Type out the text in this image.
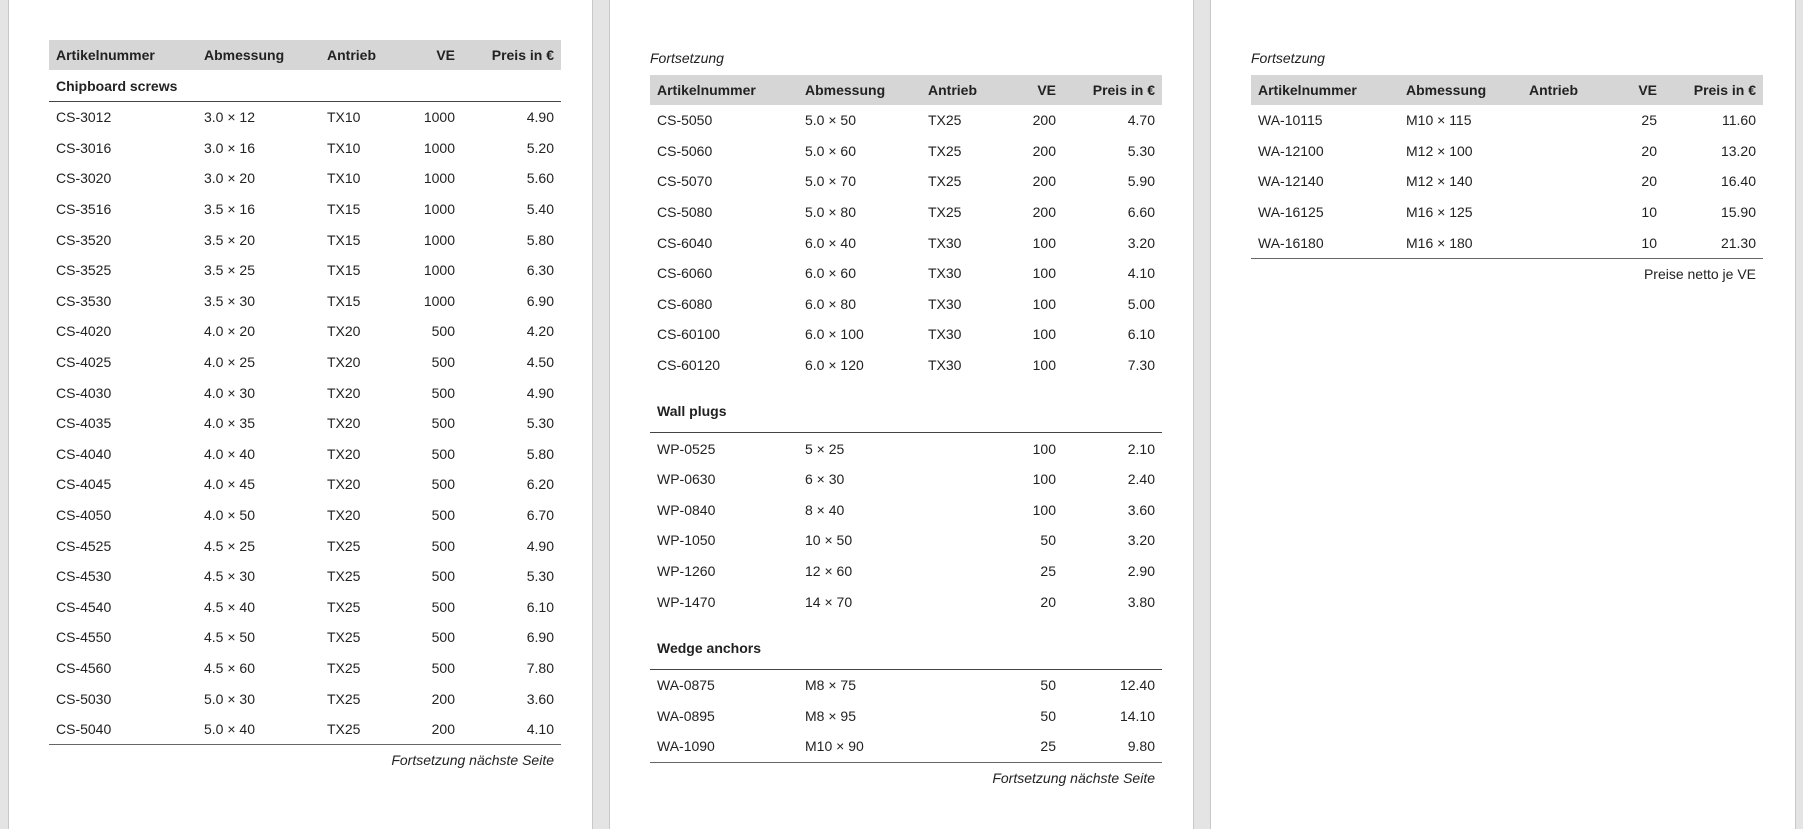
Artikelnummer	Abmessung	Antrieb	VE	Preis in €
Chipboard screws				
CS-3012	3.0 × 12	TX10	1000	4.90
CS-3016	3.0 × 16	TX10	1000	5.20
CS-3020	3.0 × 20	TX10	1000	5.60
CS-3516	3.5 × 16	TX15	1000	5.40
CS-3520	3.5 × 20	TX15	1000	5.80
CS-3525	3.5 × 25	TX15	1000	6.30
CS-3530	3.5 × 30	TX15	1000	6.90
CS-4020	4.0 × 20	TX20	500	4.20
CS-4025	4.0 × 25	TX20	500	4.50
CS-4030	4.0 × 30	TX20	500	4.90
CS-4035	4.0 × 35	TX20	500	5.30
CS-4040	4.0 × 40	TX20	500	5.80
CS-4045	4.0 × 45	TX20	500	6.20
CS-4050	4.0 × 50	TX20	500	6.70
CS-4525	4.5 × 25	TX25	500	4.90
CS-4530	4.5 × 30	TX25	500	5.30
CS-4540	4.5 × 40	TX25	500	6.10
CS-4550	4.5 × 50	TX25	500	6.90
CS-4560	4.5 × 60	TX25	500	7.80
CS-5030	5.0 × 30	TX25	200	3.60
CS-5040	5.0 × 40	TX25	200	4.10
Fortsetzung nächste Seite
Fortsetzung
Artikelnummer	Abmessung	Antrieb	VE	Preis in €
CS-5050	5.0 × 50	TX25	200	4.70
CS-5060	5.0 × 60	TX25	200	5.30
CS-5070	5.0 × 70	TX25	200	5.90
CS-5080	5.0 × 80	TX25	200	6.60
CS-6040	6.0 × 40	TX30	100	3.20
CS-6060	6.0 × 60	TX30	100	4.10
CS-6080	6.0 × 80	TX30	100	5.00
CS-60100	6.0 × 100	TX30	100	6.10
CS-60120	6.0 × 120	TX30	100	7.30
Wall plugs				
WP-0525	5 × 25		100	2.10
WP-0630	6 × 30		100	2.40
WP-0840	8 × 40		100	3.60
WP-1050	10 × 50		50	3.20
WP-1260	12 × 60		25	2.90
WP-1470	14 × 70		20	3.80
Wedge anchors				
WA-0875	M8 × 75		50	12.40
WA-0895	M8 × 95		50	14.10
WA-1090	M10 × 90		25	9.80
Fortsetzung nächste Seite
Fortsetzung
Artikelnummer	Abmessung	Antrieb	VE	Preis in €
WA-10115	M10 × 115		25	11.60
WA-12100	M12 × 100		20	13.20
WA-12140	M12 × 140		20	16.40
WA-16125	M16 × 125		10	15.90
WA-16180	M16 × 180		10	21.30
Preise netto je VE
